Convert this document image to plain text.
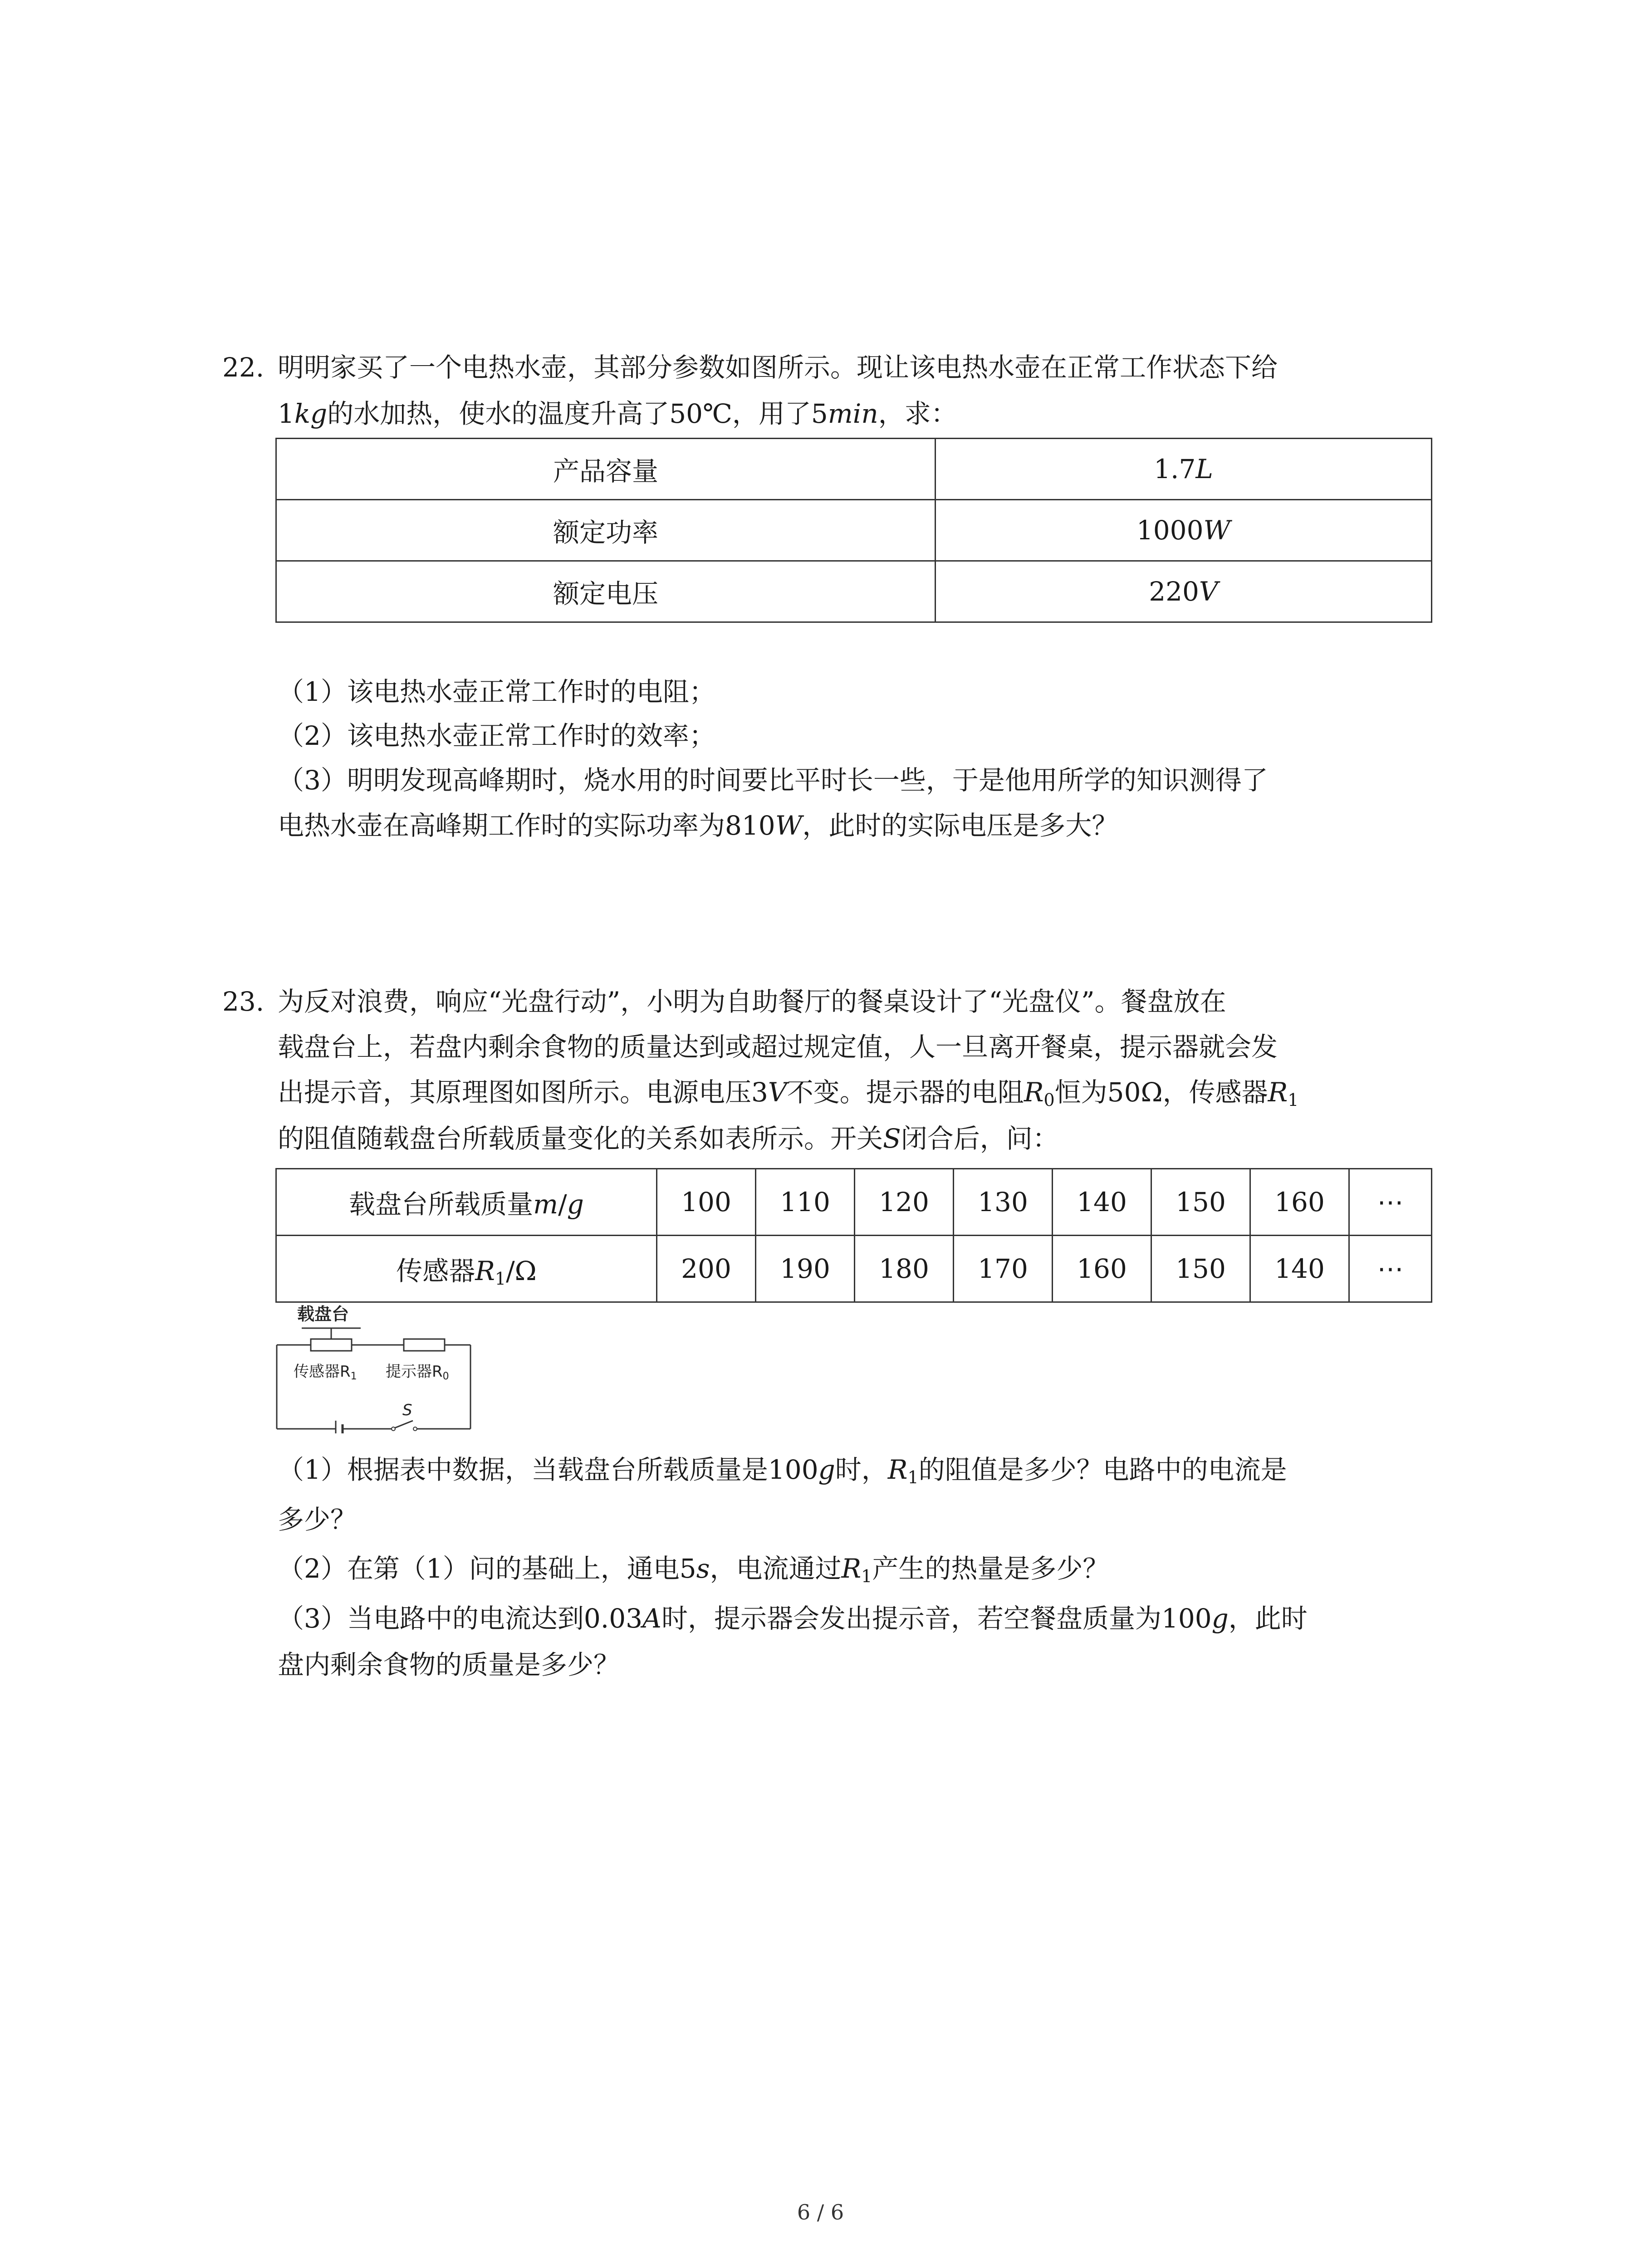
22. 明明家买了一个电热水壶，其部分参数如图所示。现让该电热水壶在正常工作状态下给
1kg的水加热，使水的温度升高了50℃，用了5min，求：
产品容量	1.7L
额定功率	1000W
额定电压	220V
（1）该电热水壶正常工作时的电阻；
（2）该电热水壶正常工作时的效率；
（3）明明发现高峰期时，烧水用的时间要比平时长一些，于是他用所学的知识测得了
电热水壶在高峰期工作时的实际功率为810W，此时的实际电压是多大？
23. 为反对浪费，响应“光盘行动”，小明为自助餐厅的餐桌设计了“光盘仪”。餐盘放在
载盘台上，若盘内剩余食物的质量达到或超过规定值，人一旦离开餐桌，提示器就会发
出提示音，其原理图如图所示。电源电压3V不变。提示器的电阻$R_0$恒为50Ω，传感器$R_1$
的阻值随载盘台所载质量变化的关系如表所示。开关S闭合后，问：
载盘台所载质量m/g	100	110	120	130	140	150	160	⋯
传感器$R_1/\Omega$	200	190	180	170	160	150	140	⋯
载盘台
传感器R1 提示器R0
S
（1）根据表中数据，当载盘台所载质量是100g时，$R_1$的阻值是多少？电路中的电流是
多少？
（2）在第（1）问的基础上，通电5s，电流通过$R_1$产生的热量是多少？
（3）当电路中的电流达到0.03A时，提示器会发出提示音，若空餐盘质量为100g，此时
盘内剩余食物的质量是多少？
6 / 6
